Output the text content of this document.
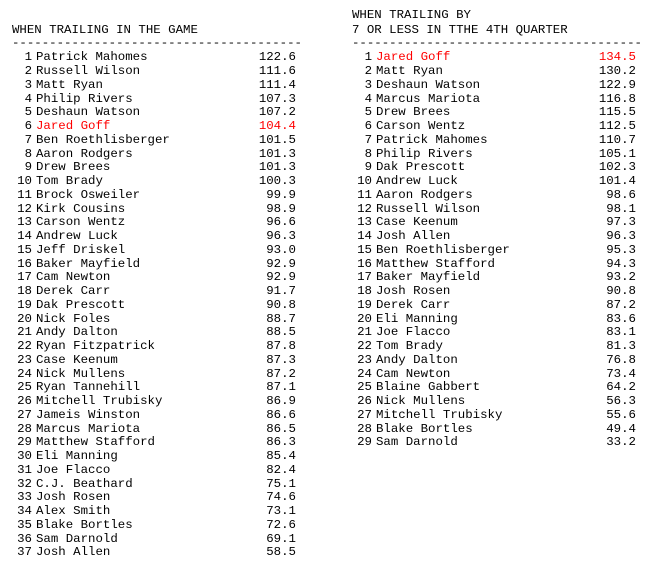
WHEN TRAILING IN THE GAME
---------------------------------------
1 Patrick Mahomes	122.6
2 Russell Wilson	111.6
3 Matt Ryan	111.4
4 Philip Rivers	107.3
5 Deshaun Watson	107.2
6 Jared Goff	104.4
7 Ben Roethlisberger	101.5
8 Aaron Rodgers	101.3
9 Drew Brees	101.3
10 Tom Brady	100.3
11 Brock Osweiler	99.9
12 Kirk Cousins	98.9
13 Carson Wentz	96.6
14 Andrew Luck	96.3
15 Jeff Driskel	93.0
16 Baker Mayfield	92.9
17 Cam Newton	92.9
18 Derek Carr	91.7
19 Dak Prescott	90.8
20 Nick Foles	88.7
21 Andy Dalton	88.5
22 Ryan Fitzpatrick	87.8
23 Case Keenum	87.3
24 Nick Mullens	87.2
25 Ryan Tannehill	87.1
26 Mitchell Trubisky	86.9
27 Jameis Winston	86.6
28 Marcus Mariota	86.5
29 Matthew Stafford	86.3
30 Eli Manning	85.4
31 Joe Flacco	82.4
32 C.J. Beathard	75.1
33 Josh Rosen	74.6
34 Alex Smith	73.1
35 Blake Bortles	72.6
36 Sam Darnold	69.1
37 Josh Allen	58.5
WHEN TRAILING BY
7 OR LESS IN TTHE 4TH QUARTER
---------------------------------------
1 Jared Goff	134.5
2 Matt Ryan	130.2
3 Deshaun Watson	122.9
4 Marcus Mariota	116.8
5 Drew Brees	115.5
6 Carson Wentz	112.5
7 Patrick Mahomes	110.7
8 Philip Rivers	105.1
9 Dak Prescott	102.3
10 Andrew Luck	101.4
11 Aaron Rodgers	98.6
12 Russell Wilson	98.1
13 Case Keenum	97.3
14 Josh Allen	96.3
15 Ben Roethlisberger	95.3
16 Matthew Stafford	94.3
17 Baker Mayfield	93.2
18 Josh Rosen	90.8
19 Derek Carr	87.2
20 Eli Manning	83.6
21 Joe Flacco	83.1
22 Tom Brady	81.3
23 Andy Dalton	76.8
24 Cam Newton	73.4
25 Blaine Gabbert	64.2
26 Nick Mullens	56.3
27 Mitchell Trubisky	55.6
28 Blake Bortles	49.4
29 Sam Darnold	33.2
